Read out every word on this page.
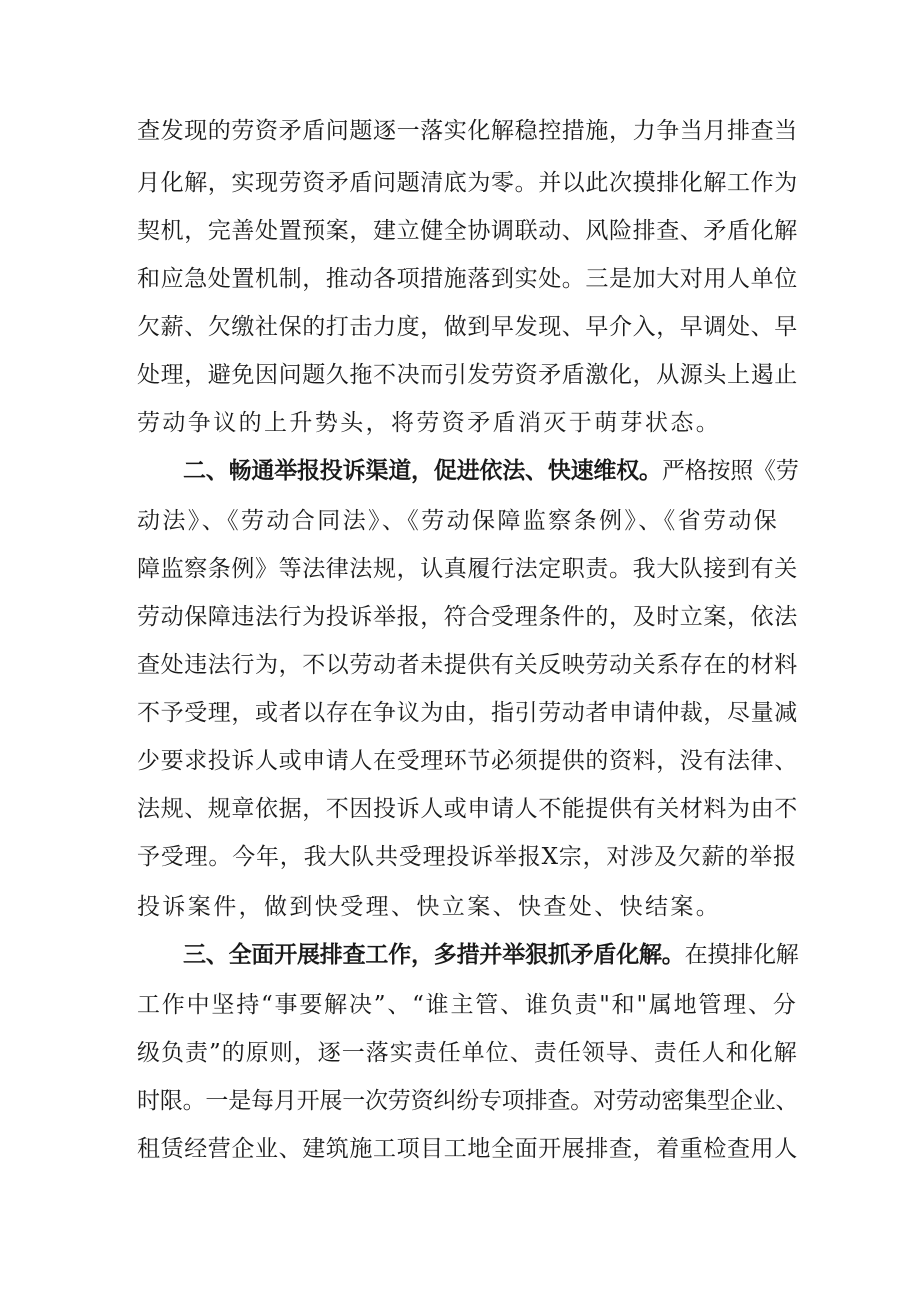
查发现的劳资矛盾问题逐一落实化解稳控措施，力争当月排查当
月化解，实现劳资矛盾问题清底为零。并以此次摸排化解工作为
契机，完善处置预案，建立健全协调联动、风险排查、矛盾化解
和应急处置机制，推动各项措施落到实处。三是加大对用人单位
欠薪、欠缴社保的打击力度，做到早发现、早介入，早调处、早
处理，避免因问题久拖不决而引发劳资矛盾激化，从源头上遏止
劳动争议的上升势头，将劳资矛盾消灭于萌芽状态。
二、畅通举报投诉渠道，促进依法、快速维权。严格按照《劳
动法》、《劳动合同法》、《劳动保障监察条例》、《省劳动保
障监察条例》等法律法规，认真履行法定职责。我大队接到有关
劳动保障违法行为投诉举报，符合受理条件的，及时立案，依法
查处违法行为，不以劳动者未提供有关反映劳动关系存在的材料
不予受理，或者以存在争议为由，指引劳动者申请仲裁，尽量减
少要求投诉人或申请人在受理环节必须提供的资料，没有法律、
法规、规章依据，不因投诉人或申请人不能提供有关材料为由不
予受理。今年，我大队共受理投诉举报X宗，对涉及欠薪的举报
投诉案件，做到快受理、快立案、快查处、快结案。
三、全面开展排查工作，多措并举狠抓矛盾化解。在摸排化解
工作中坚持“事要解决”、“谁主管、谁负责"和"属地管理、分
级负责”的原则，逐一落实责任单位、责任领导、责任人和化解
时限。一是每月开展一次劳资纠纷专项排查。对劳动密集型企业、
租赁经营企业、建筑施工项目工地全面开展排查，着重检查用人
